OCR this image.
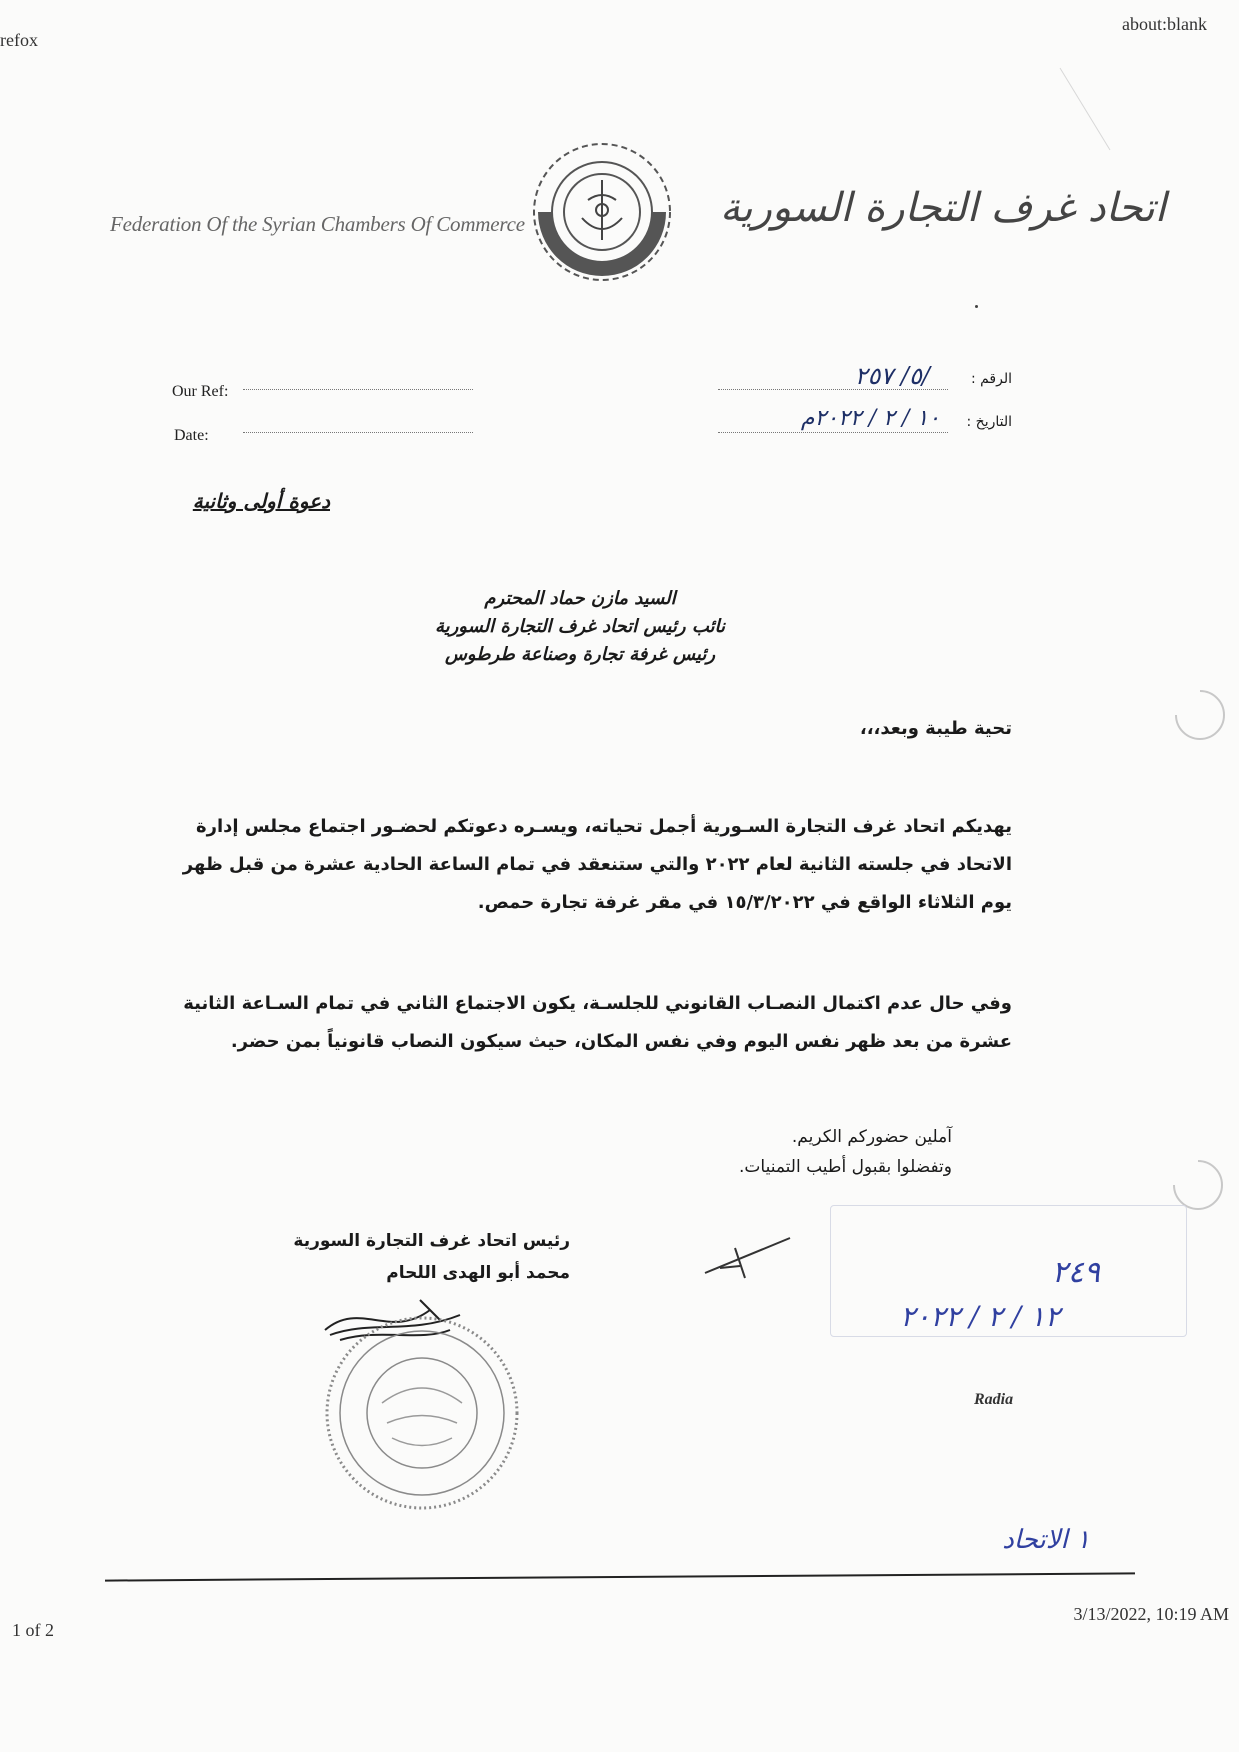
refox
about:blank
1 of 2
3/13/2022, 10:19 AM
Federation Of the Syrian Chambers Of Commerce	اتحاد غرف التجارة السورية
Our Ref:
Date:
الرقم :
/٥/ ٢٥٧
التاريخ :
١٠ / ٢ / ٢٠٢٢م
دعوة أولى وثانية
السيد مازن حماد المحترم
نائب رئيس اتحاد غرف التجارة السورية
رئيس غرفة تجارة وصناعة طرطوس
تحية طيبة وبعد،،،
يهديكم اتحاد غرف التجارة السـورية أجمل تحياته، ويسـره دعوتكم لحضـور اجتماع مجلس إدارة الاتحاد في جلسته الثانية لعام ٢٠٢٢ والتي ستنعقد في تمام الساعة الحادية عشرة من قبل ظهر يوم الثلاثاء الواقع في ١٥/٣/٢٠٢٢ في مقر غرفة تجارة حمص.
وفي حال عدم اكتمال النصـاب القانوني للجلسـة، يكون الاجتماع الثاني في تمام السـاعة الثانية عشرة من بعد ظهر نفس اليوم وفي نفس المكان، حيث سيكون النصاب قانونياً بمن حضر.
آملين حضوركم الكريم.
وتفضلوا بقبول أطيب التمنيات.
رئيس اتحاد غرف التجارة السورية
محمد أبو الهدى اللحام	٢٤٩
١٢ / ٢ / ٢٠٢٢
Radia
١ الاتحاد
